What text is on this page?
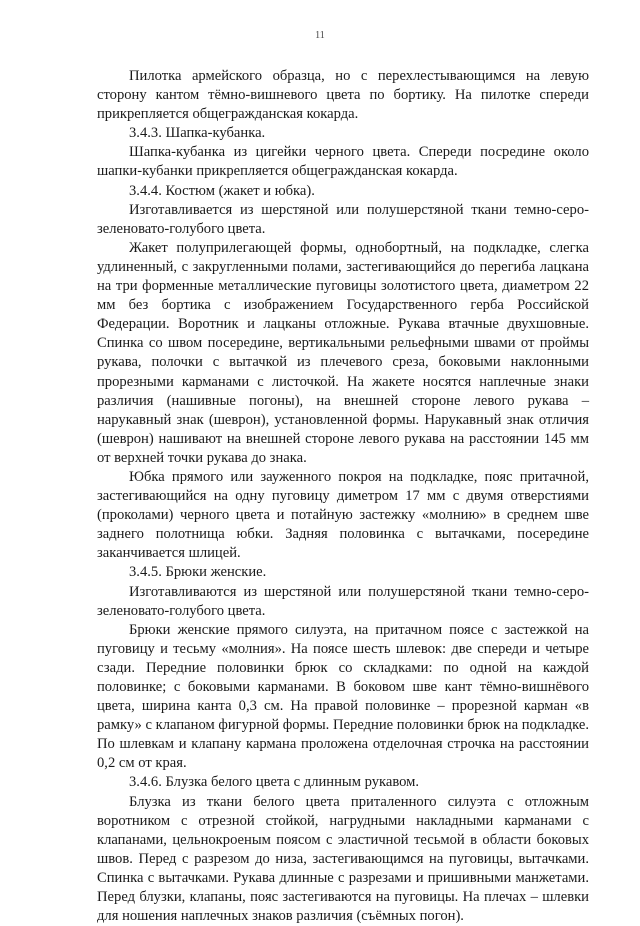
11

Пилотка армейского образца, но с перехлестывающимся на левую сторону кантом тёмно-вишневого цвета по бортику. На пилотке спереди прикрепляется общегражданская кокарда.

3.4.3. Шапка-кубанка.

Шапка-кубанка из цигейки черного цвета. Спереди посредине около шапки-кубанки прикрепляется общегражданская кокарда.

3.4.4. Костюм (жакет и юбка).

Изготавливается из шерстяной или полушерстяной ткани темно-серо-зеленовато-голубого цвета.

Жакет полуприлегающей формы, однобортный, на подкладке, слегка удлиненный, с закругленными полами, застегивающийся до перегиба лацкана на три форменные металлические пуговицы золотистого цвета, диаметром 22 мм без бортика с изображением Государственного герба Российской Федерации. Воротник и лацканы отложные. Рукава втачные двухшовные. Спинка со швом посередине, вертикальными рельефными швами от проймы рукава, полочки с вытачкой из плечевого среза, боковыми наклонными прорезными карманами с листочкой. На жакете носятся наплечные знаки различия (нашивные погоны), на внешней стороне левого рукава – нарукавный знак (шеврон), установленной формы. Нарукавный знак отличия (шеврон) нашивают на внешней стороне левого рукава на расстоянии 145 мм от верхней точки рукава до знака.

Юбка прямого или зауженного покроя на подкладке, пояс притачной, застегивающийся на одну пуговицу диметром 17 мм с двумя отверстиями (проколами) черного цвета и потайную застежку «молнию» в среднем шве заднего полотнища юбки. Задняя половинка с вытачками, посередине заканчивается шлицей.

3.4.5. Брюки женские.

Изготавливаются из шерстяной или полушерстяной ткани темно-серо-зеленовато-голубого цвета.

Брюки женские прямого силуэта, на притачном поясе с застежкой на пуговицу и тесьму «молния». На поясе шесть шлевок: две спереди и четыре сзади. Передние половинки брюк со складками: по одной на каждой половинке; с боковыми карманами. В боковом шве кант тёмно-вишнёвого цвета, ширина канта 0,3 см. На правой половинке – прорезной карман «в рамку» с клапаном фигурной формы. Передние половинки брюк на подкладке. По шлевкам и клапану кармана проложена отделочная строчка на расстоянии 0,2 см от края.

3.4.6. Блузка белого цвета с длинным рукавом.

Блузка из ткани белого цвета приталенного силуэта с отложным воротником с отрезной стойкой, нагрудными накладными карманами с клапанами, цельнокроеным поясом с эластичной тесьмой в области боковых швов. Перед с разрезом до низа, застегивающимся на пуговицы, вытачками. Спинка с вытачками. Рукава длинные с разрезами и пришивными манжетами. Перед блузки, клапаны, пояс застегиваются на пуговицы. На плечах – шлевки для ношения наплечных знаков различия (съёмных погон).
